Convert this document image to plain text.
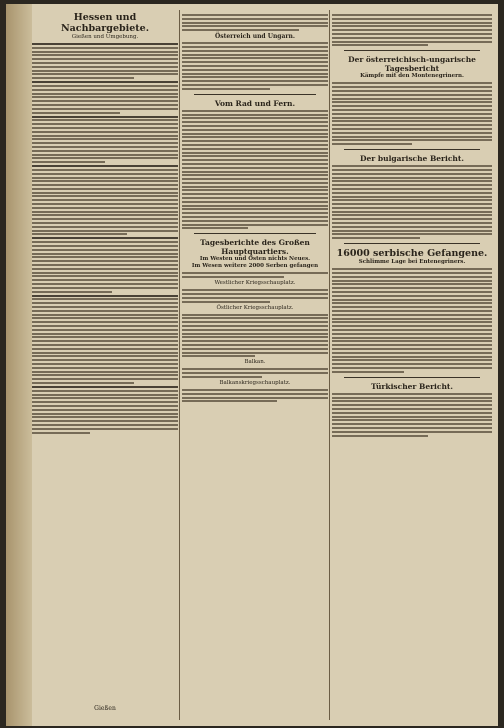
Hessen und Nachbargebiete.
Gießen und Umgebung.
Gießen
Österreich und Ungarn.
Vom Rad und Fern.
Tagesberichte des Großen Hauptquartiers.
Im Westen und Osten nichts Neues.
Im Wesen weitere 2000 Serben gefangen
Westlicher Kriegsschauplatz.
Östlicher Kriegsschauplatz.
Balkan.
Balkanskriegsschauplatz.
Der österreichisch-ungarische Tagesbericht
Kämpfe mit den Montenegrinern.
Der bulgarische Bericht.
16000 serbische Gefangene.
Schlimme Lage bei Entenegriners.
Türkischer Bericht.
